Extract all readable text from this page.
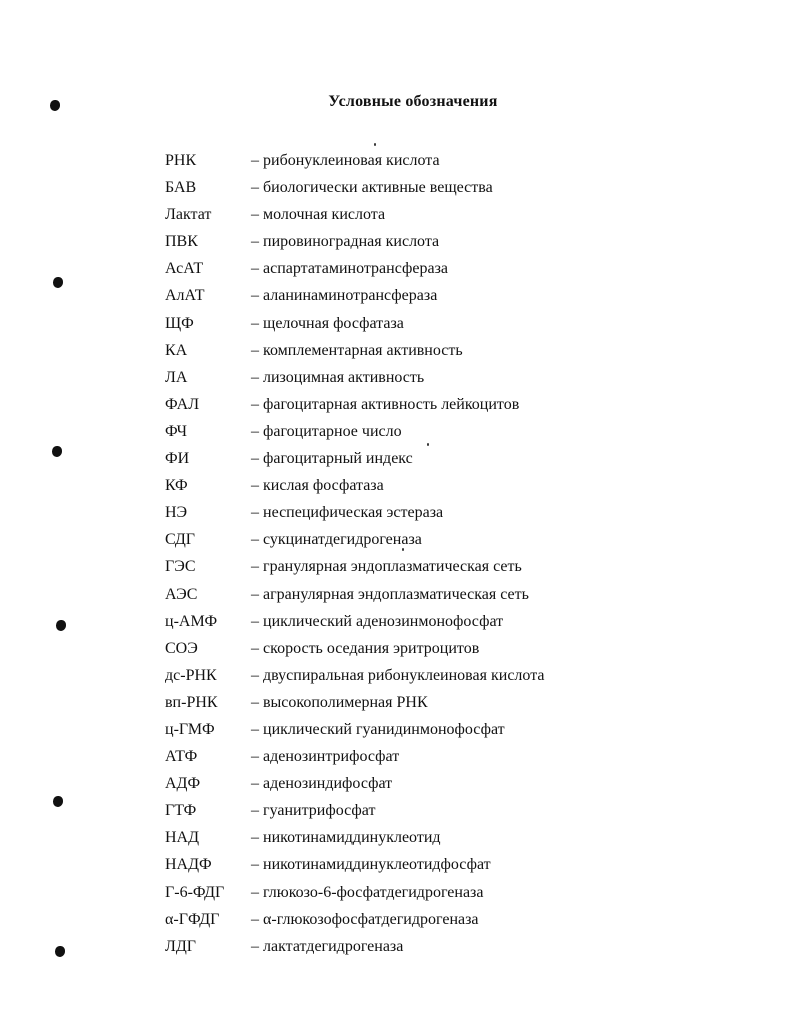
Условные обозначения
РНК	– рибонуклеиновая кислота
БАВ	– биологически активные вещества
Лактат	– молочная кислота
ПВК	– пировиноградная кислота
АсАТ	– аспартатаминотрансфераза
АлАТ	– аланинаминотрансфераза
ЩФ	– щелочная фосфатаза
КА	– комплементарная активность
ЛА	– лизоцимная активность
ФАЛ	– фагоцитарная активность лейкоцитов
ФЧ	– фагоцитарное число
ФИ	– фагоцитарный индекс
КФ	– кислая фосфатаза
НЭ	– неспецифическая эстераза
СДГ	– сукцинатдегидрогеназа
ГЭС	– гранулярная эндоплазматическая сеть
АЭС	– агранулярная эндоплазматическая сеть
ц-АМФ	– циклический аденозинмонофосфат
СОЭ	– скорость оседания эритроцитов
дс-РНК	– двуспиральная рибонуклеиновая кислота
вп-РНК	– высокополимерная РНК
ц-ГМФ	– циклический гуанидинмонофосфат
АТФ	– аденозинтрифосфат
АДФ	– аденозиндифосфат
ГТФ	– гуанитрифосфат
НАД	– никотинамиддинуклеотид
НАДФ	– никотинамиддинуклеотидфосфат
Г-6-ФДГ	– глюкозо-6-фосфатдегидрогеназа
α-ГФДГ	– α-глюкозофосфатдегидрогеназа
ЛДГ	– лактатдегидрогеназа
